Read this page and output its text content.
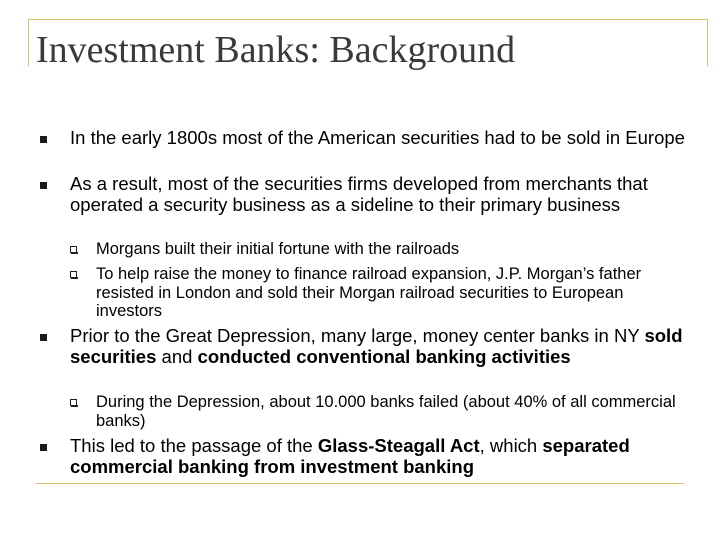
Investment Banks: Background
In the early 1800s most of the American securities had to be sold in Europe
As a result, most of the securities firms developed from merchants that operated a security business as a sideline to their primary business
Morgans built their initial fortune with the railroads
To help raise the money to finance railroad expansion, J.P. Morgan’s father resisted in London and sold their Morgan railroad securities to European investors
Prior to the Great Depression, many large, money center banks in NY sold securities and conducted conventional banking activities
During the Depression, about 10.000 banks failed (about 40% of all commercial banks)
This led to the passage of the Glass-Steagall Act, which separated commercial banking from investment banking
